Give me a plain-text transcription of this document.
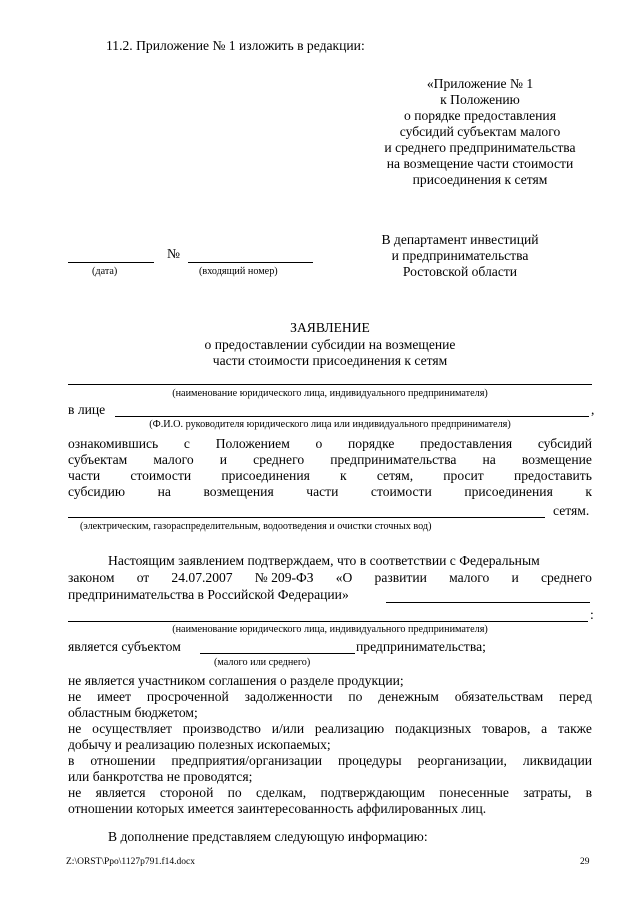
11.2. Приложение № 1 изложить в редакции:
«Приложение № 1
к Положению
о порядке предоставления
субсидий субъектам малого
и среднего предпринимательства
на возмещение части стоимости
присоединения к сетям
№
(дата)	(входящий номер)
В департамент инвестиций
и предпринимательства
Ростовской области
ЗАЯВЛЕНИЕ
о предоставлении субсидии на возмещение
части стоимости присоединения к сетям
(наименование юридического лица, индивидуального предпринимателя)
в лице	,
(Ф.И.О. руководителя юридического лица или индивидуального предпринимателя)
ознакомившись с Положением о порядке предоставления субсидий
субъектам малого и среднего предпринимательства на возмещение
части стоимости присоединения к сетям, просит предоставить
субсидию на возмещения части стоимости присоединения к
сетям.
(электрическим, газораспределительным, водоотведения и очистки сточных вод)
Настоящим заявлением подтверждаем, что в соответствии с Федеральным
законом от 24.07.2007 № 209-ФЗ «О развитии малого и среднего
предпринимательства в Российской Федерации»
:
(наименование юридического лица, индивидуального предпринимателя)
является субъектом	предпринимательства;
(малого или среднего)
не является участником соглашения о разделе продукции;
не имеет просроченной задолженности по денежным обязательствам перед
областным бюджетом;
не осуществляет производство и/или реализацию подакцизных товаров, а также
добычу и реализацию полезных ископаемых;
в отношении предприятия/организации процедуры реорганизации, ликвидации
или банкротства не проводятся;
не является стороной по сделкам, подтверждающим понесенные затраты, в
отношении которых имеется заинтересованность аффилированных лиц.
В дополнение представляем следующую информацию:
Z:\ORST\Ppo\1127p791.f14.docx	29
